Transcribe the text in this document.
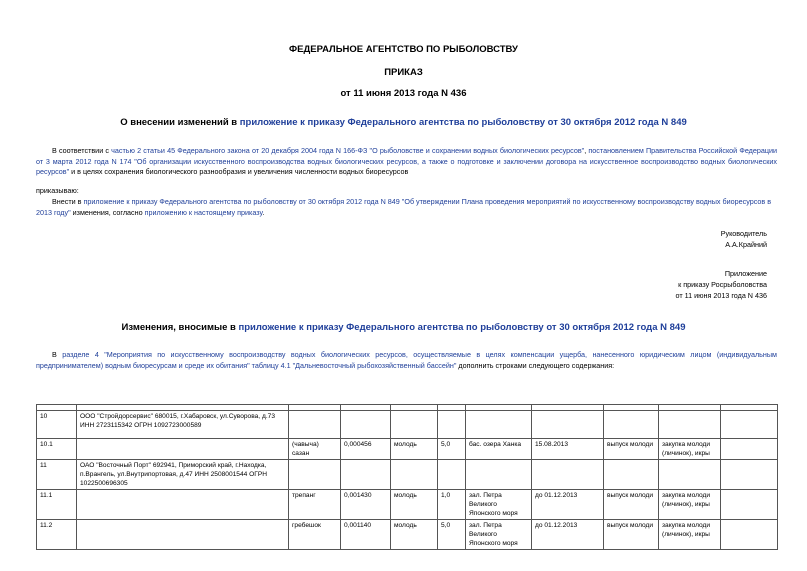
ФЕДЕРАЛЬНОЕ АГЕНТСТВО ПО РЫБОЛОВСТВУ
ПРИКАЗ
от 11 июня 2013 года N 436
О внесении изменений в приложение к приказу Федерального агентства по рыболовству от 30 октября 2012 года N 849
В соответствии с частью 2 статьи 45 Федерального закона от 20 декабря 2004 года N 166-ФЗ "О рыболовстве и сохранении водных биологических ресурсов", постановлением Правительства Российской Федерации от 3 марта 2012 года N 174 "Об организации искусственного воспроизводства водных биологических ресурсов, а также о подготовке и заключении договора на искусственное воспроизводство водных биологических ресурсов" и в целях сохранения биологического разнообразия и увеличения численности водных биоресурсов
приказываю:
Внести в приложение к приказу Федерального агентства по рыболовству от 30 октября 2012 года N 849 "Об утверждении Плана проведения мероприятий по искусственному воспроизводству водных биоресурсов в 2013 году" изменения, согласно приложению к настоящему приказу.
Руководитель
А.А.Крайний
Приложение
к приказу Росрыболовства
от 11 июня 2013 года N 436
Изменения, вносимые в приложение к приказу Федерального агентства по рыболовству от 30 октября 2012 года N 849
В разделе 4 "Мероприятия по искусственному воспроизводству водных биологических ресурсов, осуществляемые в целях компенсации ущерба, нанесенного юридическим лицом (индивидуальным предпринимателем) водным биоресурсам и среде их обитания" таблицу 4.1 "Дальневосточный рыбохозяйственный бассейн" дополнить строками следующего содержания:

10	ООО "Стройдорсервис" 680015, г.Хабаровск, ул.Суворова, д.73 ИНН 2723115342 ОГРН 1092723000589									
10.1		(чавыча) сазан	0,000456	молодь	5,0	бас. озера Ханка	15.08.2013	выпуск молоди	закупка молоди (личинок), икры	
11	ОАО "Восточный Порт" 692941, Приморский край, г.Находка, п.Врангель, ул.Внутрипортовая, д.47 ИНН 2508001544 ОГРН 1022500696305									
11.1		трепанг	0,001430	молодь	1,0	зал. Петра Великого Японского моря	до 01.12.2013	выпуск молоди	закупка молоди (личинок), икры	
11.2		гребешок	0,001140	молодь	5,0	зал. Петра Великого Японского моря	до 01.12.2013	выпуск молоди	закупка молоди (личинок), икры	
